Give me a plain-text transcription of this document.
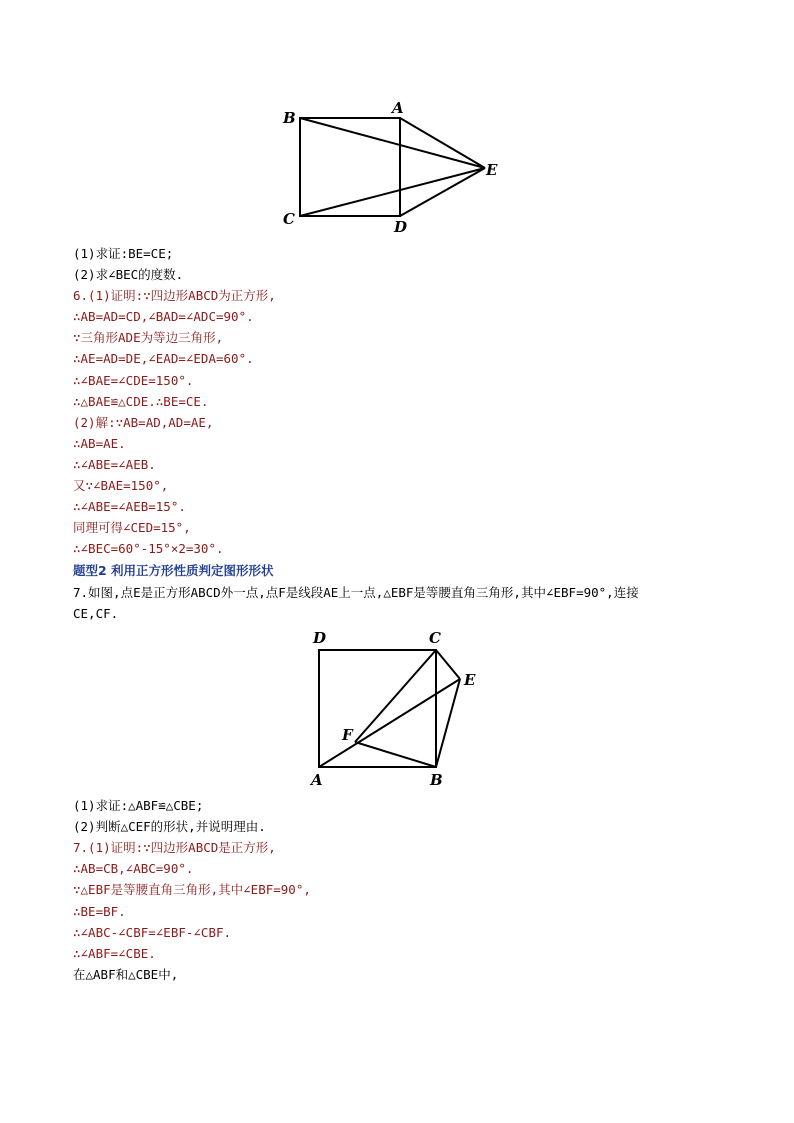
B
A
E
C	D
(1)求证:BE=CE;
(2)求∠BEC的度数.
6.(1)证明:∵四边形ABCD为正方形,
∴AB=AD=CD,∠BAD=∠ADC=90°.
∵三角形ADE为等边三角形,
∴AE=AD=DE,∠EAD=∠EDA=60°.
∴∠BAE=∠CDE=150°.
∴△BAE≌△CDE.∴BE=CE.
(2)解:∵AB=AD,AD=AE,
∴AB=AE.
∴∠ABE=∠AEB.
又∵∠BAE=150°,
∴∠ABE=∠AEB=15°.
同理可得∠CED=15°,
∴∠BEC=60°-15°×2=30°.
题型2 利用正方形性质判定图形形状
7.如图,点E是正方形ABCD外一点,点F是线段AE上一点,△EBF是等腰直角三角形,其中∠EBF=90°,连接
CE,CF.
D	C
E
F
A	B
(1)求证:△ABF≌△CBE;
(2)判断△CEF的形状,并说明理由.
7.(1)证明:∵四边形ABCD是正方形,
∴AB=CB,∠ABC=90°.
∵△EBF是等腰直角三角形,其中∠EBF=90°,
∴BE=BF.
∴∠ABC-∠CBF=∠EBF-∠CBF.
∴∠ABF=∠CBE.
在△ABF和△CBE中,
